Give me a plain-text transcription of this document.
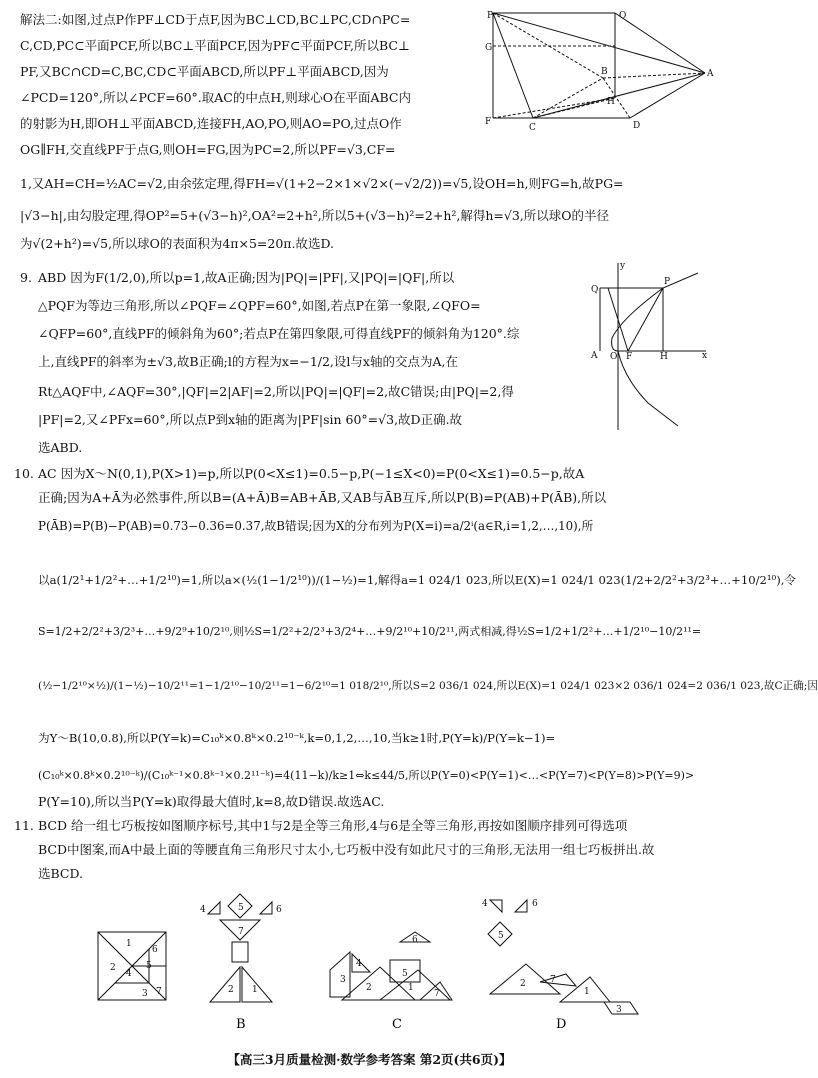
解法二:如图,过点P作PF⊥CD于点F,因为BC⊥CD,BC⊥PC,CD∩PC=
C,CD,PC⊂平面PCF,所以BC⊥平面PCF,因为PF⊂平面PCF,所以BC⊥
PF,又BC∩CD=C,BC,CD⊂平面ABCD,所以PF⊥平面ABCD,因为
∠PCD=120°,所以∠PCF=60°.取AC的中点H,则球心O在平面ABC内
的射影为H,即OH⊥平面ABCD,连接FH,AO,PO,则AO=PO,过点O作
OG∥FH,交直线PF于点G,则OH=FG,因为PC=2,所以PF=√3,CF=
1,又AH=CH=½AC=√2,由余弦定理,得FH=√(1+2−2×1×√2×(−√2/2))=√5,设OH=h,则FG=h,故PG=
|√3−h|,由勾股定理,得OP²=5+(√3−h)²,OA²=2+h²,所以5+(√3−h)²=2+h²,解得h=√3,所以球O的半径
为√(2+h²)=√5,所以球O的表面积为4π×5=20π.故选D.
P	O
G
A
B
H
F
C	D
9. ABD 因为F(1/2,0),所以p=1,故A正确;因为|PQ|=|PF|,又|PQ|=|QF|,所以
△PQF为等边三角形,所以∠PQF=∠QPF=60°,如图,若点P在第一象限,∠QFO=
∠QFP=60°,直线PF的倾斜角为60°;若点P在第四象限,可得直线PF的倾斜角为120°.综
上,直线PF的斜率为±√3,故B正确;l的方程为x=−1/2,设l与x轴的交点为A,在
Rt△AQF中,∠AQF=30°,|QF|=2|AF|=2,所以|PQ|=|QF|=2,故C错误;由|PQ|=2,得
|PF|=2,又∠PFx=60°,所以点P到x轴的距离为|PF|sin 60°=√3,故D正确.故
选ABD.
y
x
Q
P
A O F	H
10. AC 因为X～N(0,1),P(X>1)=p,所以P(0<X≤1)=0.5−p,P(−1≤X<0)=P(0<X≤1)=0.5−p,故A
正确;因为A+Ā为必然事件,所以B=(A+Ā)B=AB+ĀB,又AB与ĀB互斥,所以P(B)=P(AB)+P(ĀB),所以
P(ĀB)=P(B)−P(AB)=0.73−0.36=0.37,故B错误;因为X的分布列为P(X=i)=a/2ⁱ(a∈R,i=1,2,…,10),所
以a(1/2¹+1/2²+…+1/2¹⁰)=1,所以a×(½(1−1/2¹⁰))/(1−½)=1,解得a=1 024/1 023,所以E(X)=1 024/1 023(1/2+2/2²+3/2³+…+10/2¹⁰),令
S=1/2+2/2²+3/2³+…+9/2⁹+10/2¹⁰,则½S=1/2²+2/2³+3/2⁴+…+9/2¹⁰+10/2¹¹,两式相减,得½S=1/2+1/2²+…+1/2¹⁰−10/2¹¹=
(½−1/2¹⁰×½)/(1−½)−10/2¹¹=1−1/2¹⁰−10/2¹¹=1−6/2¹⁰=1 018/2¹⁰,所以S=2 036/1 024,所以E(X)=1 024/1 023×2 036/1 024=2 036/1 023,故C正确;因
为Y～B(10,0.8),所以P(Y=k)=C₁₀ᵏ×0.8ᵏ×0.2¹⁰⁻ᵏ,k=0,1,2,…,10,当k≥1时,P(Y=k)/P(Y=k−1)=
(C₁₀ᵏ×0.8ᵏ×0.2¹⁰⁻ᵏ)/(C₁₀ᵏ⁻¹×0.8ᵏ⁻¹×0.2¹¹⁻ᵏ)=4(11−k)/k≥1⇔k≤44/5,所以P(Y=0)<P(Y=1)<…<P(Y=7)<P(Y=8)>P(Y=9)>
P(Y=10),所以当P(Y=k)取得最大值时,k=8,故D错误.故选AC.
11. BCD 给一组七巧板按如图顺序标号,其中1与2是全等三角形,4与6是全等三角形,再按如图顺序排列可得选项
BCD中图案,而A中最上面的等腰直角三角形尺寸太小,七巧板中没有如此尺寸的三角形,无法用一组七巧板拼出.故
选BCD.
1
2
3
4
5
6
7
5
4	6
7
2 1
3
4
2
5
6
1
7
5
4	6
2	7
1
3
B	C	D
【高三3月质量检测·数学参考答案 第2页(共6页)】
